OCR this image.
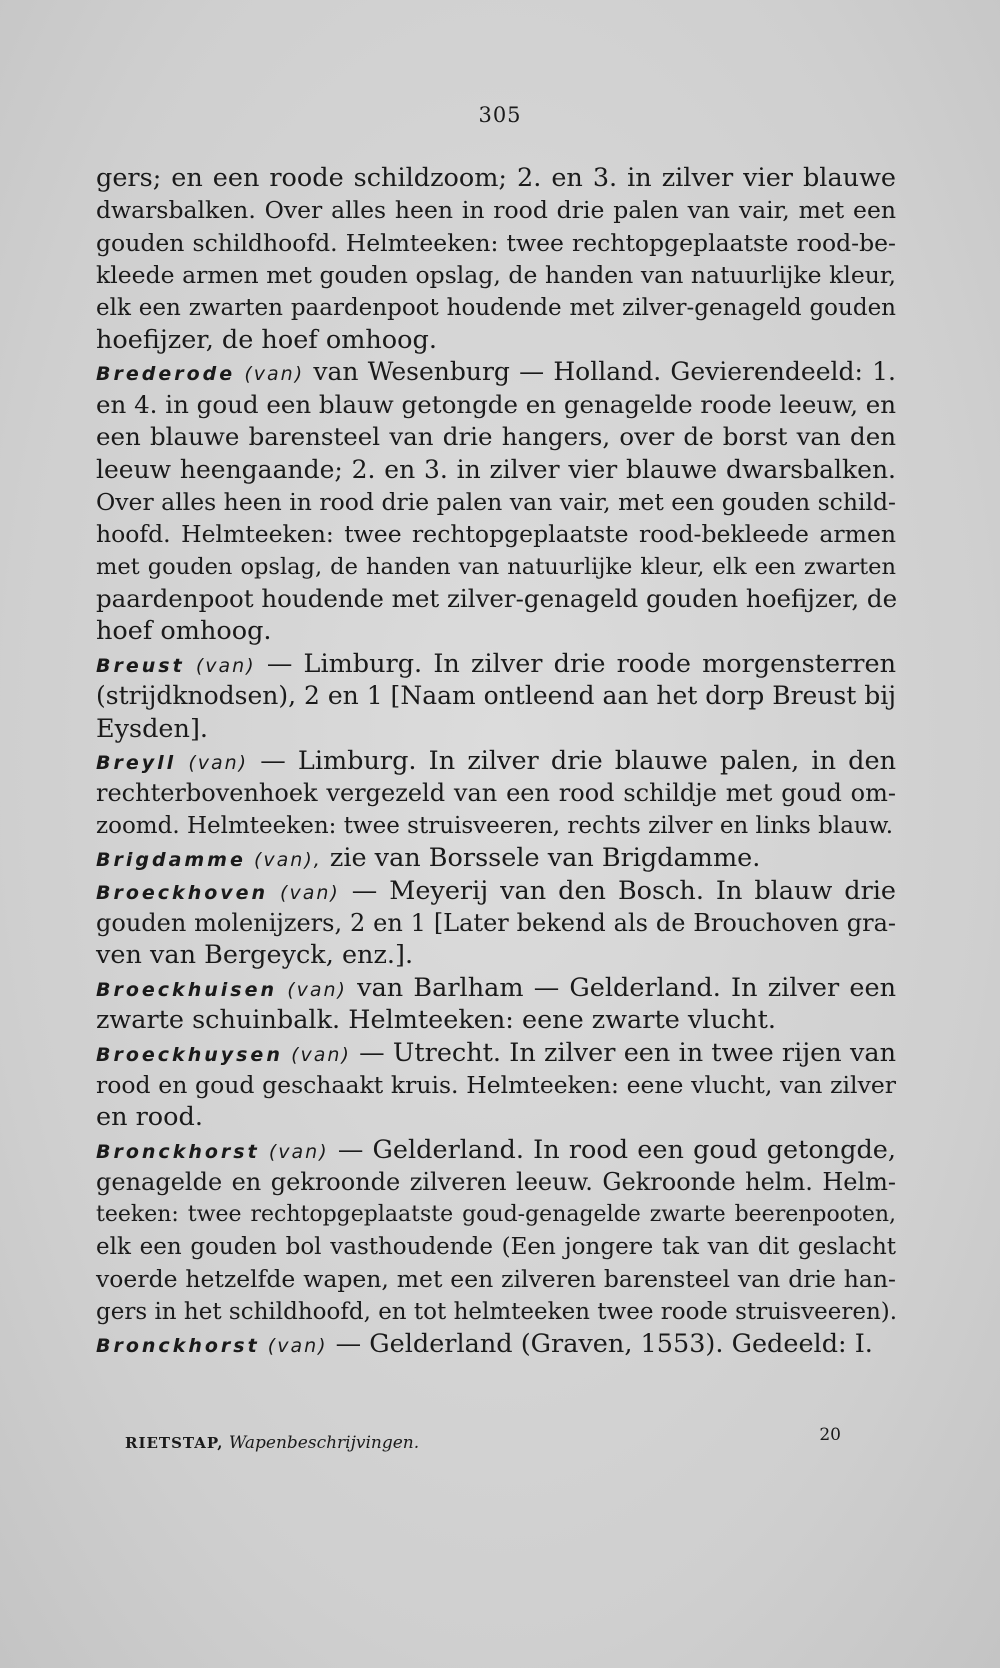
305
gers; en een roode schildzoom; 2. en 3. in zilver vier blauwe
dwarsbalken. Over alles heen in rood drie palen van vair, met een
gouden schildhoofd. Helmteeken: twee rechtopgeplaatste rood-be-
kleede armen met gouden opslag, de handen van natuurlijke kleur,
elk een zwarten paardenpoot houdende met zilver-genageld gouden
hoefijzer, de hoef omhoog.
Brederode (van) van Wesenburg — Holland. Gevierendeeld: 1.
en 4. in goud een blauw getongde en genagelde roode leeuw, en
een blauwe barensteel van drie hangers, over de borst van den
leeuw heengaande; 2. en 3. in zilver vier blauwe dwarsbalken.
Over alles heen in rood drie palen van vair, met een gouden schild-
hoofd. Helmteeken: twee rechtopgeplaatste rood-bekleede armen
met gouden opslag, de handen van natuurlijke kleur, elk een zwarten
paardenpoot houdende met zilver-genageld gouden hoefijzer, de
hoef omhoog.
Breust (van) — Limburg. In zilver drie roode morgensterren
(strijdknodsen), 2 en 1 [Naam ontleend aan het dorp Breust bij
Eysden].
Breyll (van) — Limburg. In zilver drie blauwe palen, in den
rechterbovenhoek vergezeld van een rood schildje met goud om-
zoomd. Helmteeken: twee struisveeren, rechts zilver en links blauw.
Brigdamme (van), zie van Borssele van Brigdamme.
Broeckhoven (van) — Meyerij van den Bosch. In blauw drie
gouden molenijzers, 2 en 1 [Later bekend als de Brouchoven gra-
ven van Bergeyck, enz.].
Broeckhuisen (van) van Barlham — Gelderland. In zilver een
zwarte schuinbalk. Helmteeken: eene zwarte vlucht.
Broeckhuysen (van) — Utrecht. In zilver een in twee rijen van
rood en goud geschaakt kruis. Helmteeken: eene vlucht, van zilver
en rood.
Bronckhorst (van) — Gelderland. In rood een goud getongde,
genagelde en gekroonde zilveren leeuw. Gekroonde helm. Helm-
teeken: twee rechtopgeplaatste goud-genagelde zwarte beerenpooten,
elk een gouden bol vasthoudende (Een jongere tak van dit geslacht
voerde hetzelfde wapen, met een zilveren barensteel van drie han-
gers in het schildhoofd, en tot helmteeken twee roode struisveeren).
Bronckhorst (van) — Gelderland (Graven, 1553). Gedeeld: I.
RIETSTAP, Wapenbeschrijvingen.	20
